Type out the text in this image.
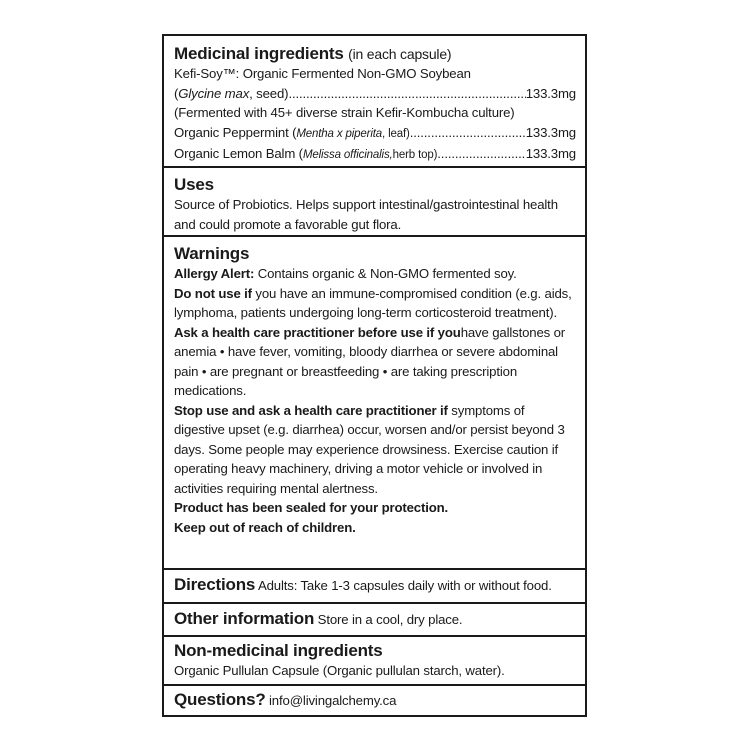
Medicinal ingredients (in each capsule)
Kefi-Soy™: Organic Fermented Non-GMO Soybean
( Glycine max , seed) .....	133.3mg
(Fermented with 45+ diverse strain Kefir-Kombucha culture)
Organic Peppermint ( Mentha x piperita , leaf) .....	133.3mg
Organic Lemon Balm ( Melissa officinalis, herb top) .....	133.3mg
Uses
Source of Probiotics. Helps support intestinal/gastrointestinal health and could promote a favorable gut flora.
Warnings
Allergy Alert: Contains organic & Non-GMO fermented soy.
Do not use if you have an immune-compromised condition (e.g. aids, lymphoma, patients undergoing long-term corticosteroid treatment).
Ask a health care practitioner before use if youhave gallstones or anemia • have fever, vomiting, bloody diarrhea or severe abdominal pain • are pregnant or breastfeeding • are taking prescription medications.
Stop use and ask a health care practitioner if symptoms of digestive upset (e.g. diarrhea) occur, worsen and/or persist beyond 3 days. Some people may experience drowsiness. Exercise caution if operating heavy machinery, driving a motor vehicle or involved in activities requiring mental alertness.
Product has been sealed for your protection.
Keep out of reach of children.
Directions Adults: Take 1-3 capsules daily with or without food.
Other information Store in a cool, dry place.
Non-medicinal ingredients
Organic Pullulan Capsule (Organic pullulan starch, water).
Questions? info@livingalchemy.ca
